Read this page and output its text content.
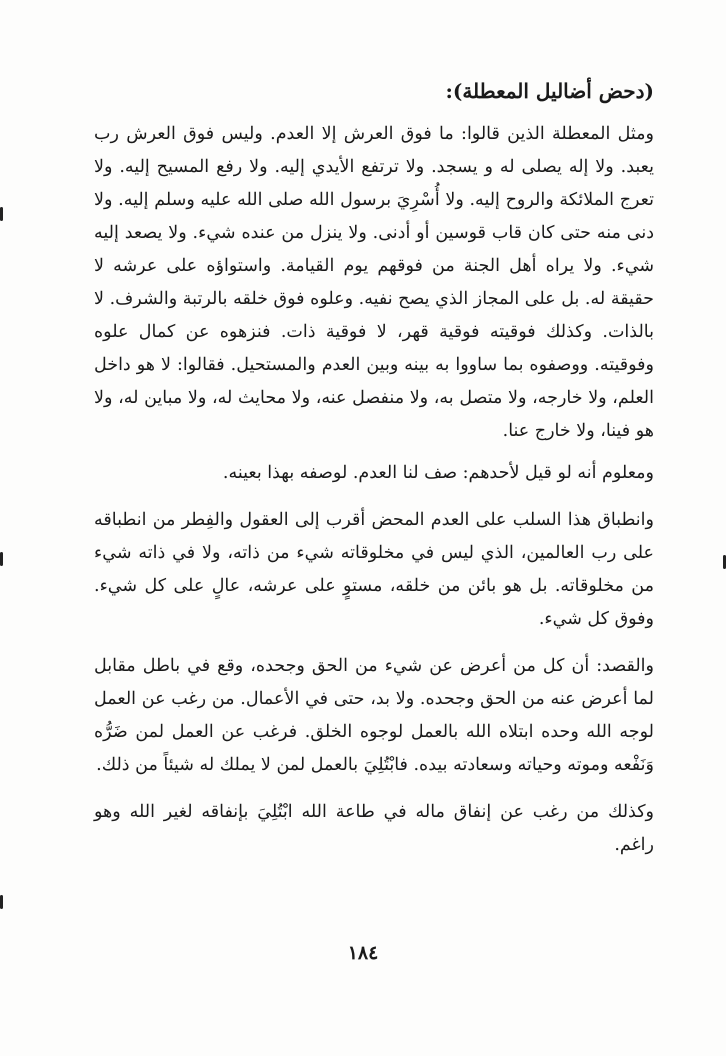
(دحض أضاليل المعطلة):

ومثل المعطلة الذين قالوا: ما فوق العرش إلا العدم. وليس فوق العرش رب يعبد. ولا إله يصلى له و يسجد. ولا ترتفع الأيدي إليه. ولا رفع المسيح إليه. ولا تعرج الملائكة والروح إليه. ولا أُسْرِيَ برسول الله صلى الله عليه وسلم إليه. ولا دنى منه حتى كان قاب قوسين أو أدنى. ولا ينزل من عنده شيء. ولا يصعد إليه شيء. ولا يراه أهل الجنة من فوقهم يوم القيامة. واستواؤه على عرشه لا حقيقة له. بل على المجاز الذي يصح نفيه. وعلوه فوق خلقه بالرتبة والشرف. لا بالذات. وكذلك فوقيته فوقية قهر، لا فوقية ذات. فنزهوه عن كمال علوه وفوقيته. ووصفوه بما ساووا به بينه وبين العدم والمستحيل. فقالوا: لا هو داخل العلم، ولا خارجه، ولا متصل به، ولا منفصل عنه، ولا محايث له، ولا مباين له، ولا هو فينا، ولا خارج عنا.

ومعلوم أنه لو قيل لأحدهم: صف لنا العدم. لوصفه بهذا بعينه.

وانطباق هذا السلب على العدم المحض أقرب إلى العقول والفِطر من انطباقه على رب العالمين، الذي ليس في مخلوقاته شيء من ذاته، ولا في ذاته شيء من مخلوقاته. بل هو بائن من خلقه، مستوٍ على عرشه، عالٍ على كل شيء. وفوق كل شيء.

والقصد: أن كل من أعرض عن شيء من الحق وجحده، وقع في باطل مقابل لما أعرض عنه من الحق وجحده. ولا بد، حتى في الأعمال. من رغب عن العمل لوجه الله وحده ابتلاه الله بالعمل لوجوه الخلق. فرغب عن العمل لمن ضَرُّه وَنَفْعه وموته وحياته وسعادته بيده. فابْتُلِيَ بالعمل لمن لا يملك له شيئاً من ذلك.

وكذلك من رغب عن إنفاق ماله في طاعة الله ابْتُلِيَ بإنفاقه لغير الله وهو راغم.

١٨٤
